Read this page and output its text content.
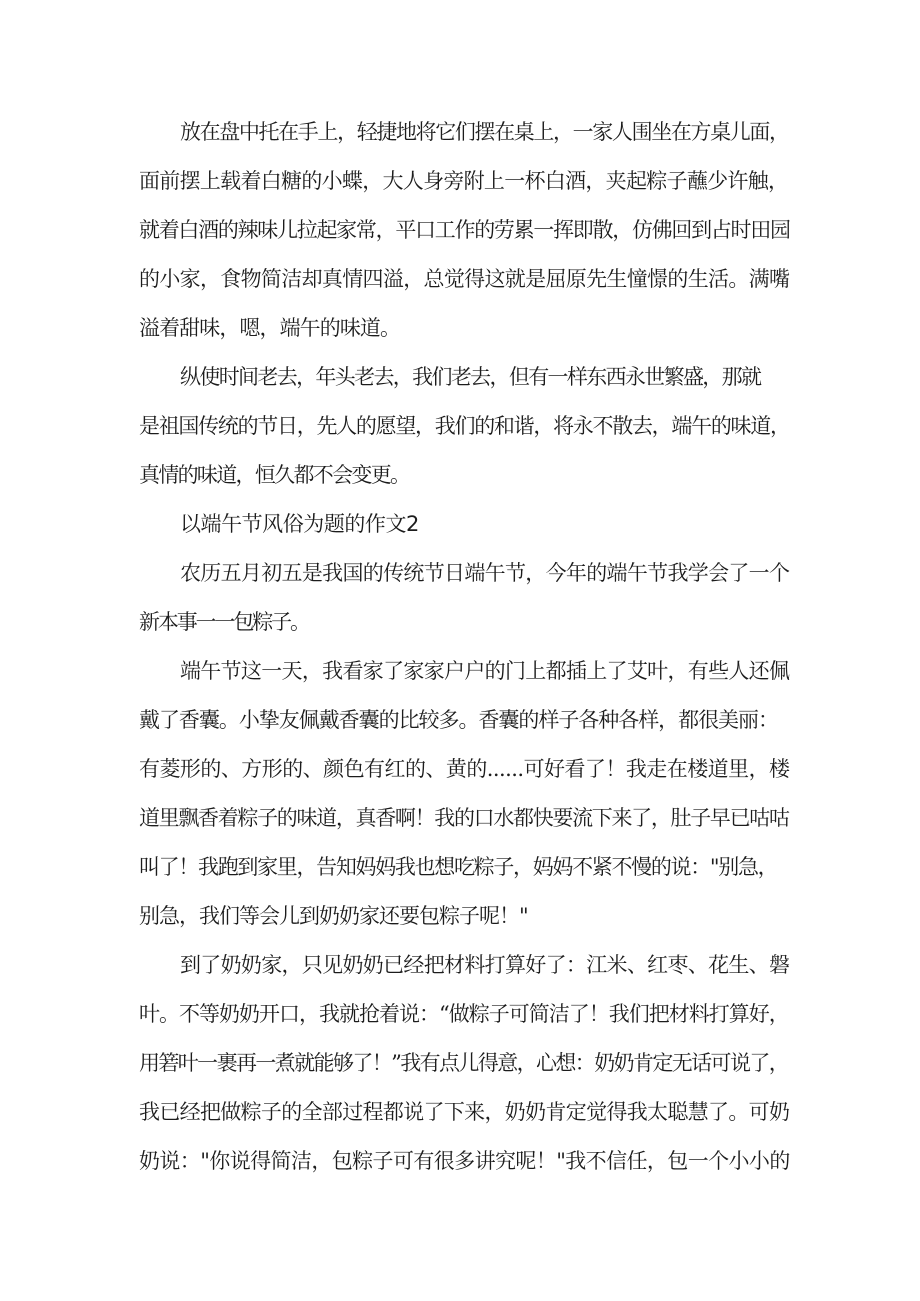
放在盘中托在手上，轻捷地将它们摆在桌上，一家人围坐在方桌儿面，
面前摆上载着白糖的小蝶，大人身旁附上一杯白酒，夹起粽子蘸少许触，
就着白酒的辣味儿拉起家常，平口工作的劳累一挥即散，仿佛回到占时田园
的小家，食物简洁却真情四溢，总觉得这就是屈原先生憧憬的生活。满嘴
溢着甜味，嗯，端午的味道。
纵使时间老去，年头老去，我们老去，但有一样东西永世繁盛，那就
是祖国传统的节日，先人的愿望，我们的和谐，将永不散去，端午的味道，
真情的味道，恒久都不会变更。
以端午节风俗为题的作文2
农历五月初五是我国的传统节日端午节，今年的端午节我学会了一个
新本事一一包粽子。
端午节这一天，我看家了家家户户的门上都插上了艾叶，有些人还佩
戴了香囊。小挚友佩戴香囊的比较多。香囊的样子各种各样，都很美丽：
有菱形的、方形的、颜色有红的、黄的......可好看了！我走在楼道里，楼
道里飘香着粽子的味道，真香啊！我的口水都快要流下来了，肚子早已咕咕
叫了！我跑到家里，告知妈妈我也想吃粽子，妈妈不紧不慢的说："别急，
别急，我们等会儿到奶奶家还要包粽子呢！"
到了奶奶家，只见奶奶已经把材料打算好了：江米、红枣、花生、磐
叶。不等奶奶开口，我就抢着说：“做粽子可简洁了！我们把材料打算好，
用箬叶一裹再一煮就能够了！”我有点儿得意，心想：奶奶肯定无话可说了，
我已经把做粽子的全部过程都说了下来，奶奶肯定觉得我太聪慧了。可奶
奶说："你说得简洁，包粽子可有很多讲究呢！"我不信任，包一个小小的
